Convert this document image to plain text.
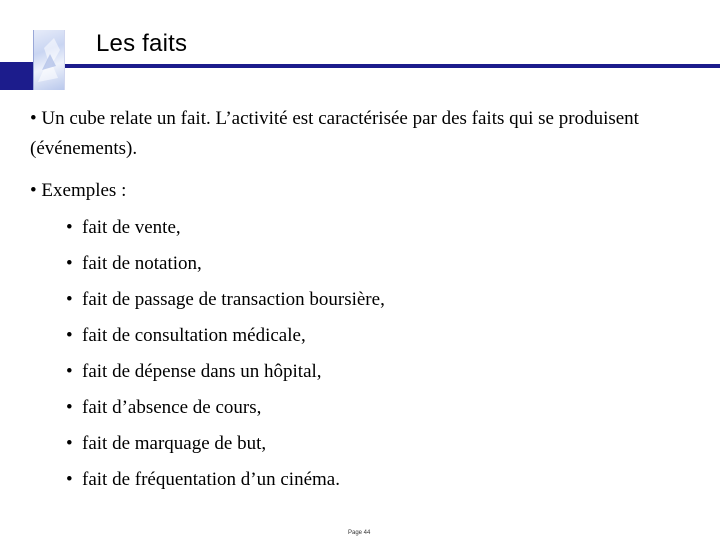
Les faits
• Un cube relate un fait. L’activité est caractérisée par des faits qui se produisent (événements).
• Exemples :
• fait de vente,
• fait de notation,
• fait de passage de transaction boursière,
• fait de consultation médicale,
• fait de dépense dans un hôpital,
• fait d’absence de cours,
• fait de marquage de but,
• fait de fréquentation d’un cinéma.
Page 44
